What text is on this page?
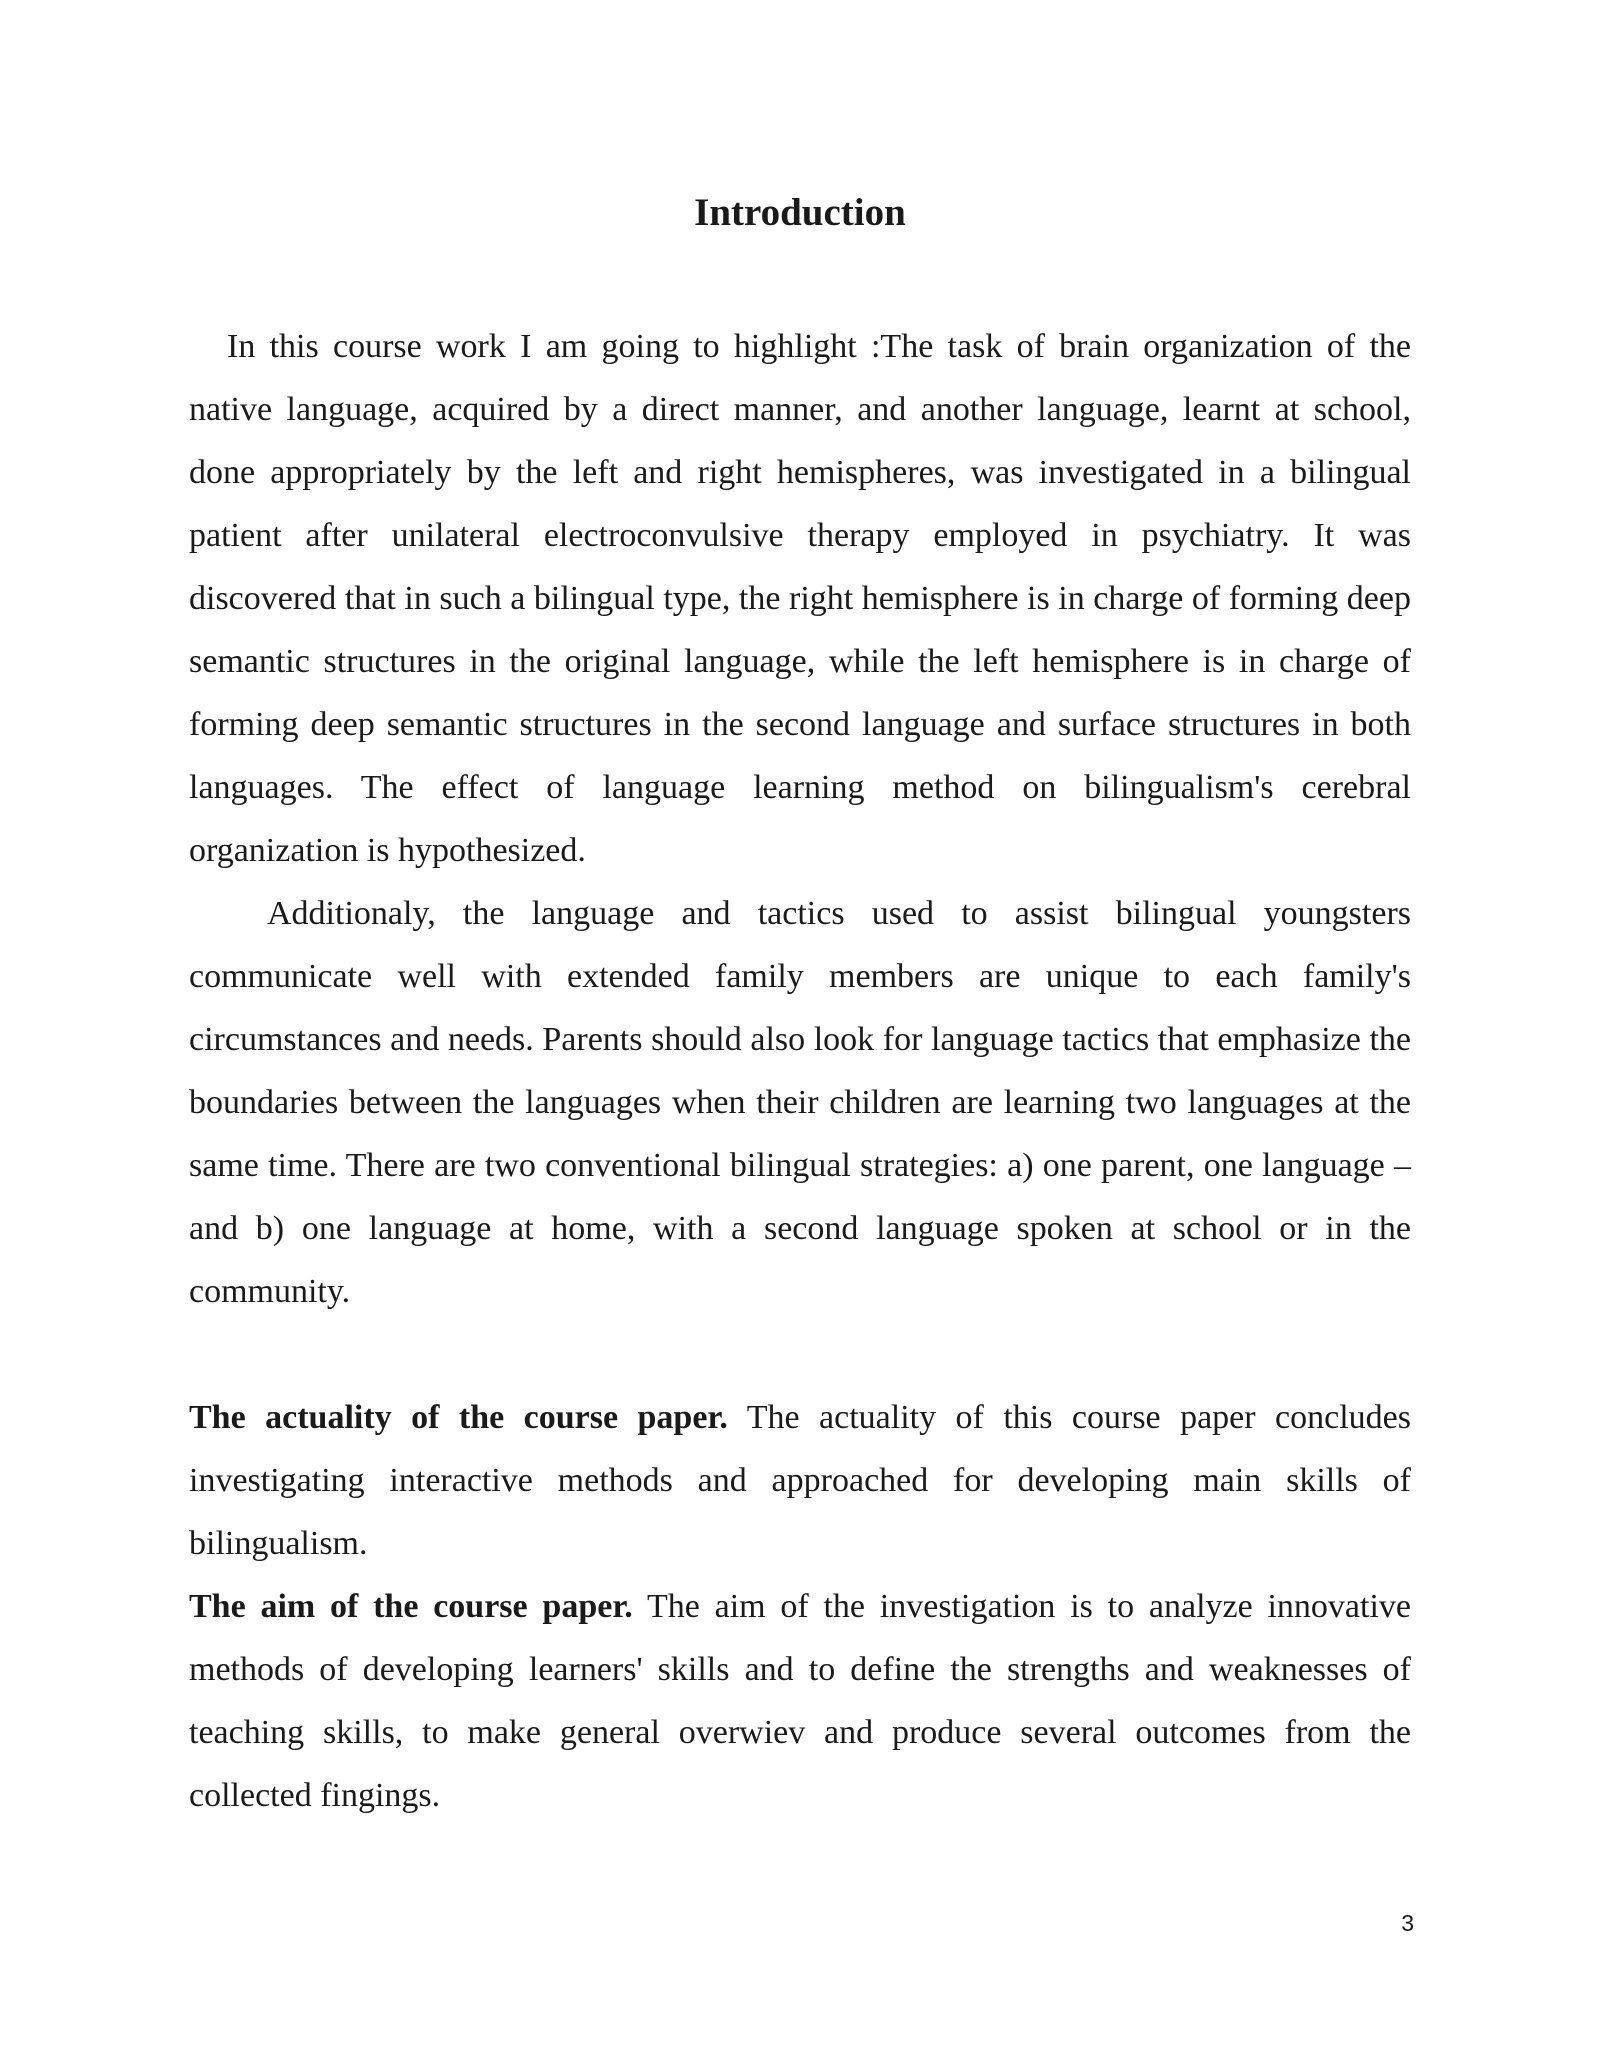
Introduction

In this course work I am going to highlight :The task of brain organization of the native language, acquired by a direct manner, and another language, learnt at school, done appropriately by the left and right hemispheres, was investigated in a bilingual patient after unilateral electroconvulsive therapy employed in psychiatry. It was discovered that in such a bilingual type, the right hemisphere is in charge of forming deep semantic structures in the original language, while the left hemisphere is in charge of forming deep semantic structures in the second language and surface structures in both languages. The effect of language learning method on bilingualism's cerebral organization is hypothesized.

Additionaly, the language and tactics used to assist bilingual youngsters communicate well with extended family members are unique to each family's circumstances and needs. Parents should also look for language tactics that emphasize the boundaries between the languages when their children are learning two languages at the same time. There are two conventional bilingual strategies: a) one parent, one language – and b) one language at home, with a second language spoken at school or in the community.

The actuality of the course paper. The actuality of this course paper concludes investigating interactive methods and approached for developing main skills of bilingualism.

The aim of the course paper. The aim of the investigation is to analyze innovative methods of developing learners' skills and to define the strengths and weaknesses of teaching skills, to make general overwiev and produce several outcomes from the collected fingings.

3
